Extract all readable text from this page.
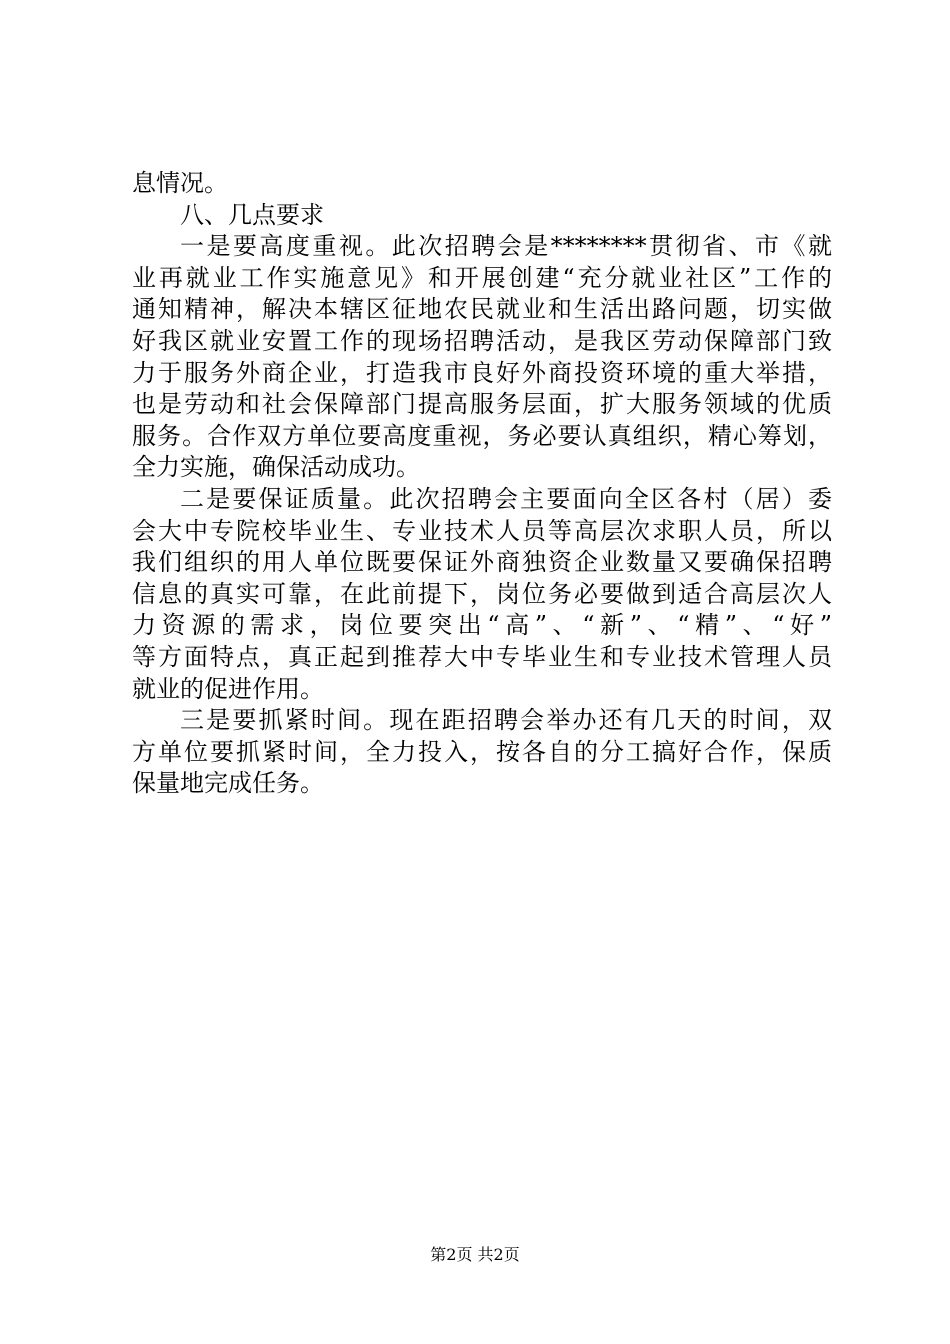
息情况。
八、几点要求
一是要高度重视。此次招聘会是********贯彻省、市《就
业再就业工作实施意见》和开展创建“充分就业社区”工作的
通知精神，解决本辖区征地农民就业和生活出路问题，切实做
好我区就业安置工作的现场招聘活动，是我区劳动保障部门致
力于服务外商企业，打造我市良好外商投资环境的重大举措，
也是劳动和社会保障部门提高服务层面，扩大服务领域的优质
服务。合作双方单位要高度重视，务必要认真组织，精心筹划，
全力实施，确保活动成功。
二是要保证质量。此次招聘会主要面向全区各村（居）委
会大中专院校毕业生、专业技术人员等高层次求职人员，所以
我们组织的用人单位既要保证外商独资企业数量又要确保招聘
信息的真实可靠，在此前提下，岗位务必要做到适合高层次人
力资源的需求，岗位要突出“高”、“新”、“精”、“好”
等方面特点，真正起到推荐大中专毕业生和专业技术管理人员
就业的促进作用。
三是要抓紧时间。现在距招聘会举办还有几天的时间，双
方单位要抓紧时间，全力投入，按各自的分工搞好合作，保质
保量地完成任务。
第2页 共2页
